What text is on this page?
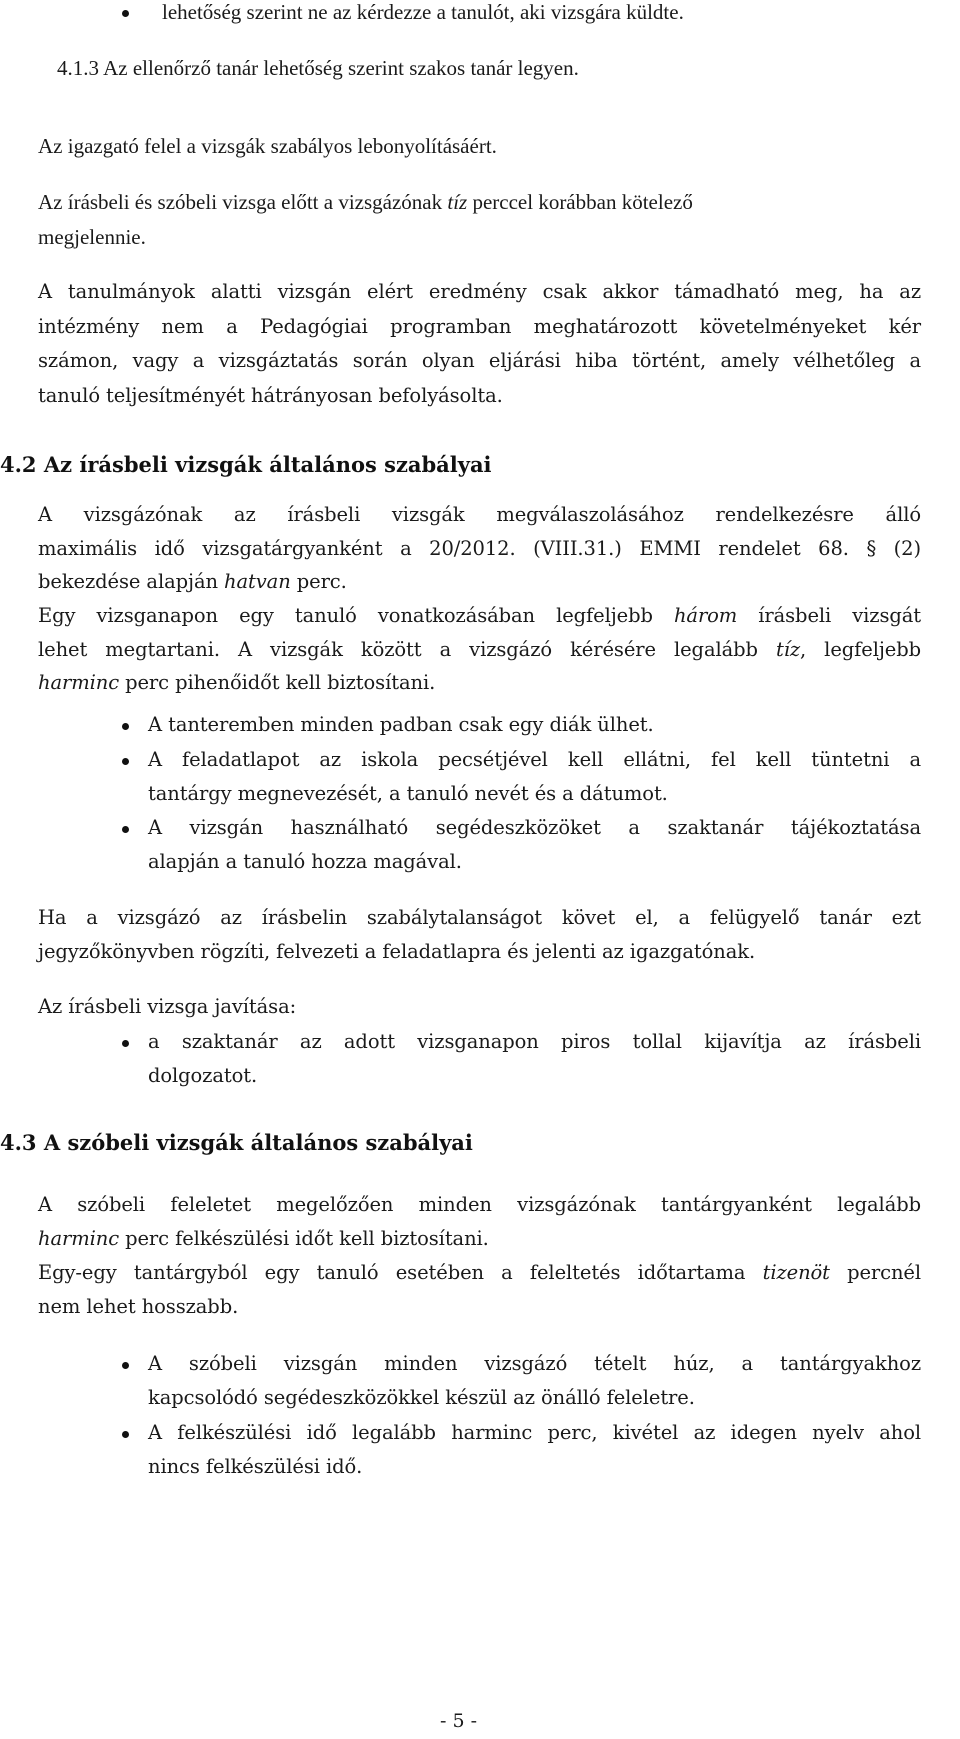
lehetőség szerint ne az kérdezze a tanulót, aki vizsgára küldte.
4.1.3 Az ellenőrző tanár lehetőség szerint szakos tanár legyen.
Az igazgató felel a vizsgák szabályos lebonyolításáért.
Az írásbeli és szóbeli vizsga előtt a vizsgázónak tíz perccel korábban kötelező
megjelennie.
A tanulmányok alatti vizsgán elért eredmény csak akkor támadható meg, ha az
intézmény nem a Pedagógiai programban meghatározott követelményeket kér
számon, vagy a vizsgáztatás során olyan eljárási hiba történt, amely vélhetőleg a
tanuló teljesítményét hátrányosan befolyásolta.
4.2 Az írásbeli vizsgák általános szabályai
A vizsgázónak az írásbeli vizsgák megválaszolásához rendelkezésre álló
maximális idő vizsgatárgyanként a 20/2012. (VIII.31.) EMMI rendelet 68. § (2)
bekezdése alapján hatvan perc.
Egy vizsganapon egy tanuló vonatkozásában legfeljebb három írásbeli vizsgát
lehet megtartani. A vizsgák között a vizsgázó kérésére legalább tíz, legfeljebb
harminc perc pihenőidőt kell biztosítani.
A tanteremben minden padban csak egy diák ülhet.
A feladatlapot az iskola pecsétjével kell ellátni, fel kell tüntetni a
tantárgy megnevezését, a tanuló nevét és a dátumot.
A vizsgán használható segédeszközöket a szaktanár tájékoztatása
alapján a tanuló hozza magával.
Ha a vizsgázó az írásbelin szabálytalanságot követ el, a felügyelő tanár ezt
jegyzőkönyvben rögzíti, felvezeti a feladatlapra és jelenti az igazgatónak.
Az írásbeli vizsga javítása:
a szaktanár az adott vizsganapon piros tollal kijavítja az írásbeli
dolgozatot.
4.3 A szóbeli vizsgák általános szabályai
A szóbeli feleletet megelőzően minden vizsgázónak tantárgyanként legalább
harminc perc felkészülési időt kell biztosítani.
Egy-egy tantárgyból egy tanuló esetében a feleltetés időtartama tizenöt percnél
nem lehet hosszabb.
A szóbeli vizsgán minden vizsgázó tételt húz, a tantárgyakhoz
kapcsolódó segédeszközökkel készül az önálló feleletre.
A felkészülési idő legalább harminc perc, kivétel az idegen nyelv ahol
nincs felkészülési idő.
- 5 -
